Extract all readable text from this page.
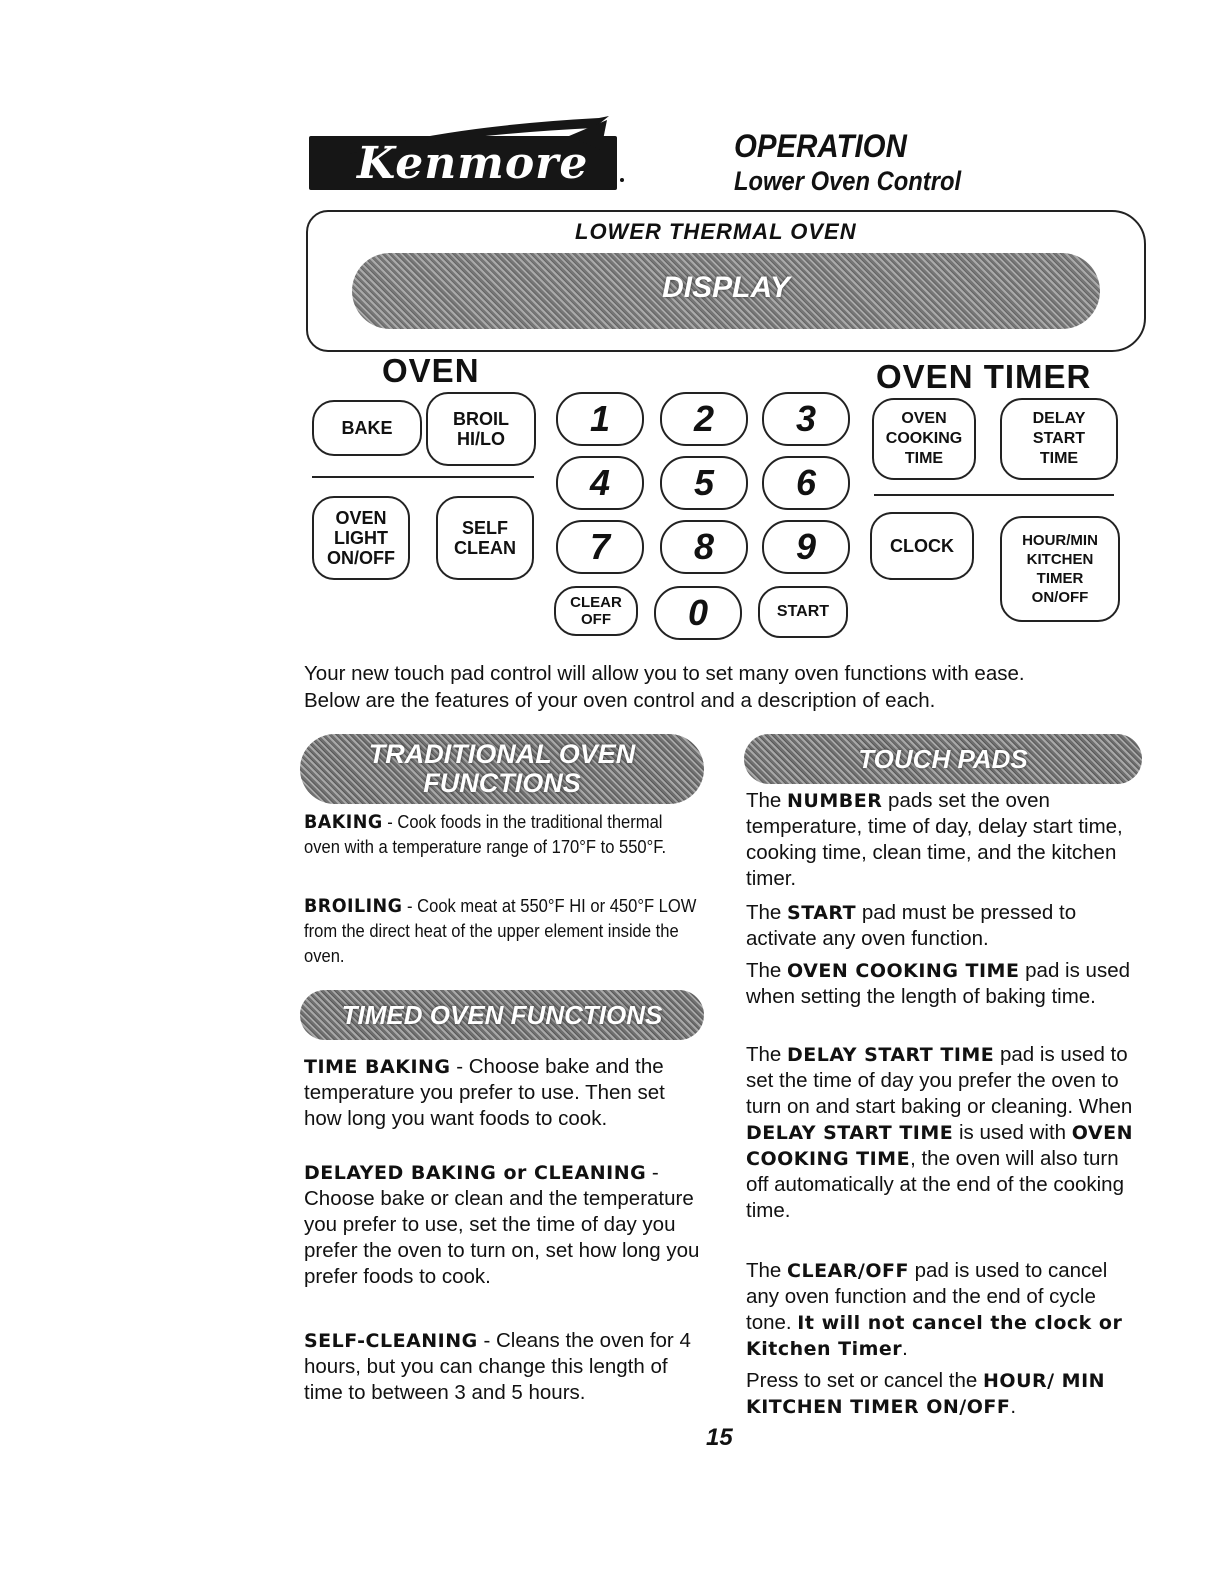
Kenmore	OPERATION
Lower Oven Control
LOWER THERMAL OVEN
DISPLAY
OVEN	OVEN TIMER
BAKE	BROIL
HI/LO
OVEN
LIGHT
ON/OFF
SELF
CLEAN
1	2	3
4	5	6
7	8	9
CLEAR
OFF	0	START
OVEN
COOKING
TIME
DELAY
START
TIME
CLOCK	HOUR/MIN
KITCHEN
TIMER
ON/OFF
Your new touch pad control will allow you to set many oven functions with ease.
Below are the features of your oven control and a description of each.
TRADITIONAL OVEN
FUNCTIONS
BAKING - Cook foods in the traditional thermal oven with a temperature range of 170°F to 550°F.
BROILING - Cook meat at 550°F HI or 450°F LOW from the direct heat of the upper element inside the oven.
TIMED OVEN FUNCTIONS
TIME BAKING - Choose bake and the temperature you prefer to use. Then set how long you want foods to cook.
DELAYED BAKING or CLEANING - Choose bake or clean and the temperature you prefer to use, set the time of day you prefer the oven to turn on, set how long you prefer foods to cook.
SELF-CLEANING - Cleans the oven for 4 hours, but you can change this length of time to between 3 and 5 hours.
TOUCH PADS
The NUMBER pads set the oven temperature, time of day, delay start time, cooking time, clean time, and the kitchen timer.
The START pad must be pressed to activate any oven function.
The OVEN COOKING TIME pad is used when setting the length of baking time.
The DELAY START TIME pad is used to set the time of day you prefer the oven to turn on and start baking or cleaning. When DELAY START TIME is used with OVEN COOKING TIME, the oven will also turn off automatically at the end of the cooking time.
The CLEAR/OFF pad is used to cancel any oven function and the end of cycle tone. It will not cancel the clock or Kitchen Timer.
Press to set or cancel the HOUR/ MIN KITCHEN TIMER ON/OFF.
15
